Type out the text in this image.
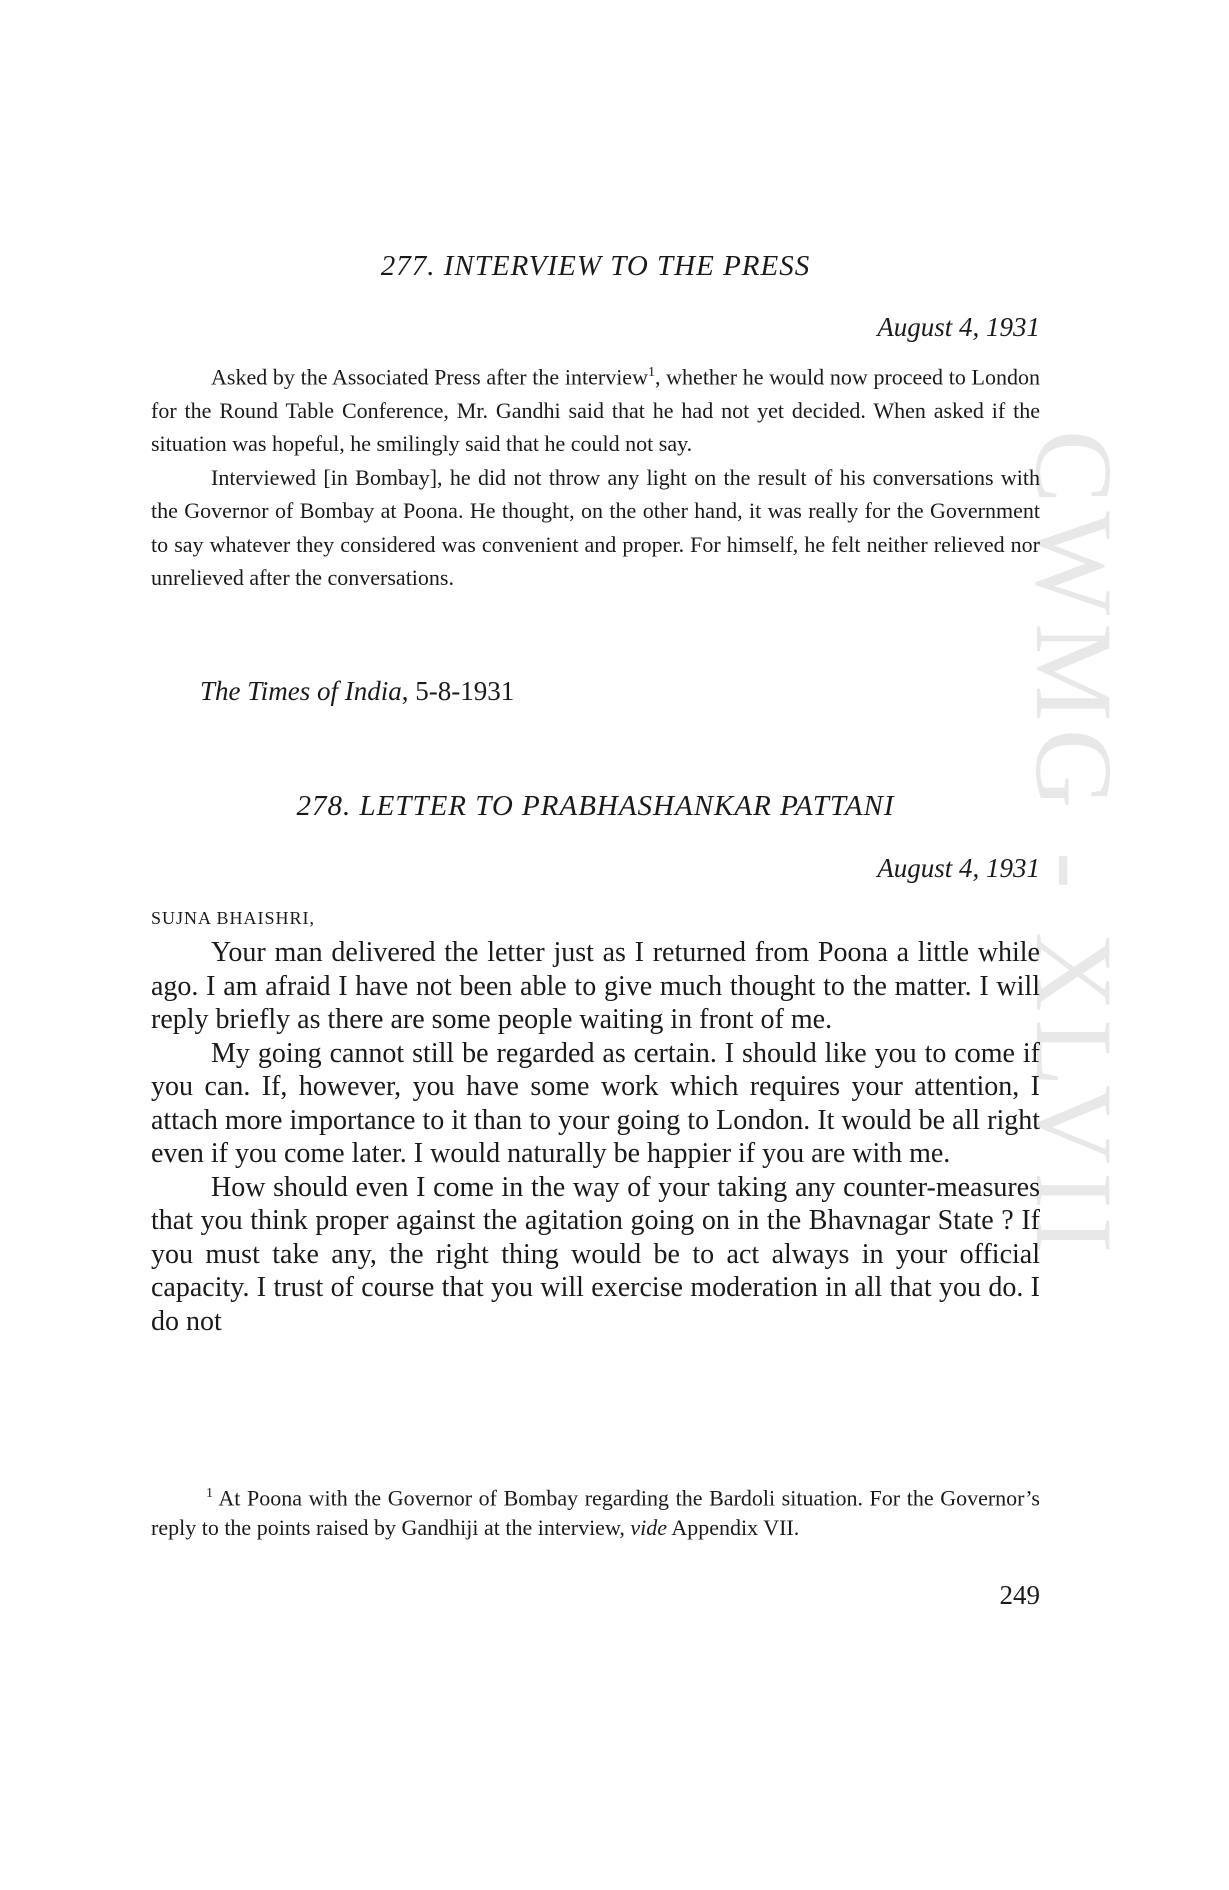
CWMG - XLVII
277. INTERVIEW TO THE PRESS
August 4, 1931

Asked by the Associated Press after the interview$^1$, whether he would now proceed to London for the Round Table Conference, Mr. Gandhi said that he had not yet decided. When asked if the situation was hopeful, he smilingly said that he could not say.

Interviewed [in Bombay], he did not throw any light on the result of his conversations with the Governor of Bombay at Poona. He thought, on the other hand, it was really for the Government to say whatever they considered was convenient and proper. For himself, he felt neither relieved nor unrelieved after the conversations.

The Times of India, 5-8-1931
278. LETTER TO PRABHASHANKAR PATTANI
August 4, 1931
SUJNA BHAISHRI,

Your man delivered the letter just as I returned from Poona a little while ago. I am afraid I have not been able to give much thought to the matter. I will reply briefly as there are some people waiting in front of me.

My going cannot still be regarded as certain. I should like you to come if you can. If, however, you have some work which requires your attention, I attach more importance to it than to your going to London. It would be all right even if you come later. I would naturally be happier if you are with me.

How should even I come in the way of your taking any counter-measures that you think proper against the agitation going on in the Bhavnagar State ? If you must take any, the right thing would be to act always in your official capacity. I trust of course that you will exercise moderation in all that you do. I do not

$^1$ At Poona with the Governor of Bombay regarding the Bardoli situation. For the Governor’s reply to the points raised by Gandhiji at the interview, vide Appendix VII.

249
